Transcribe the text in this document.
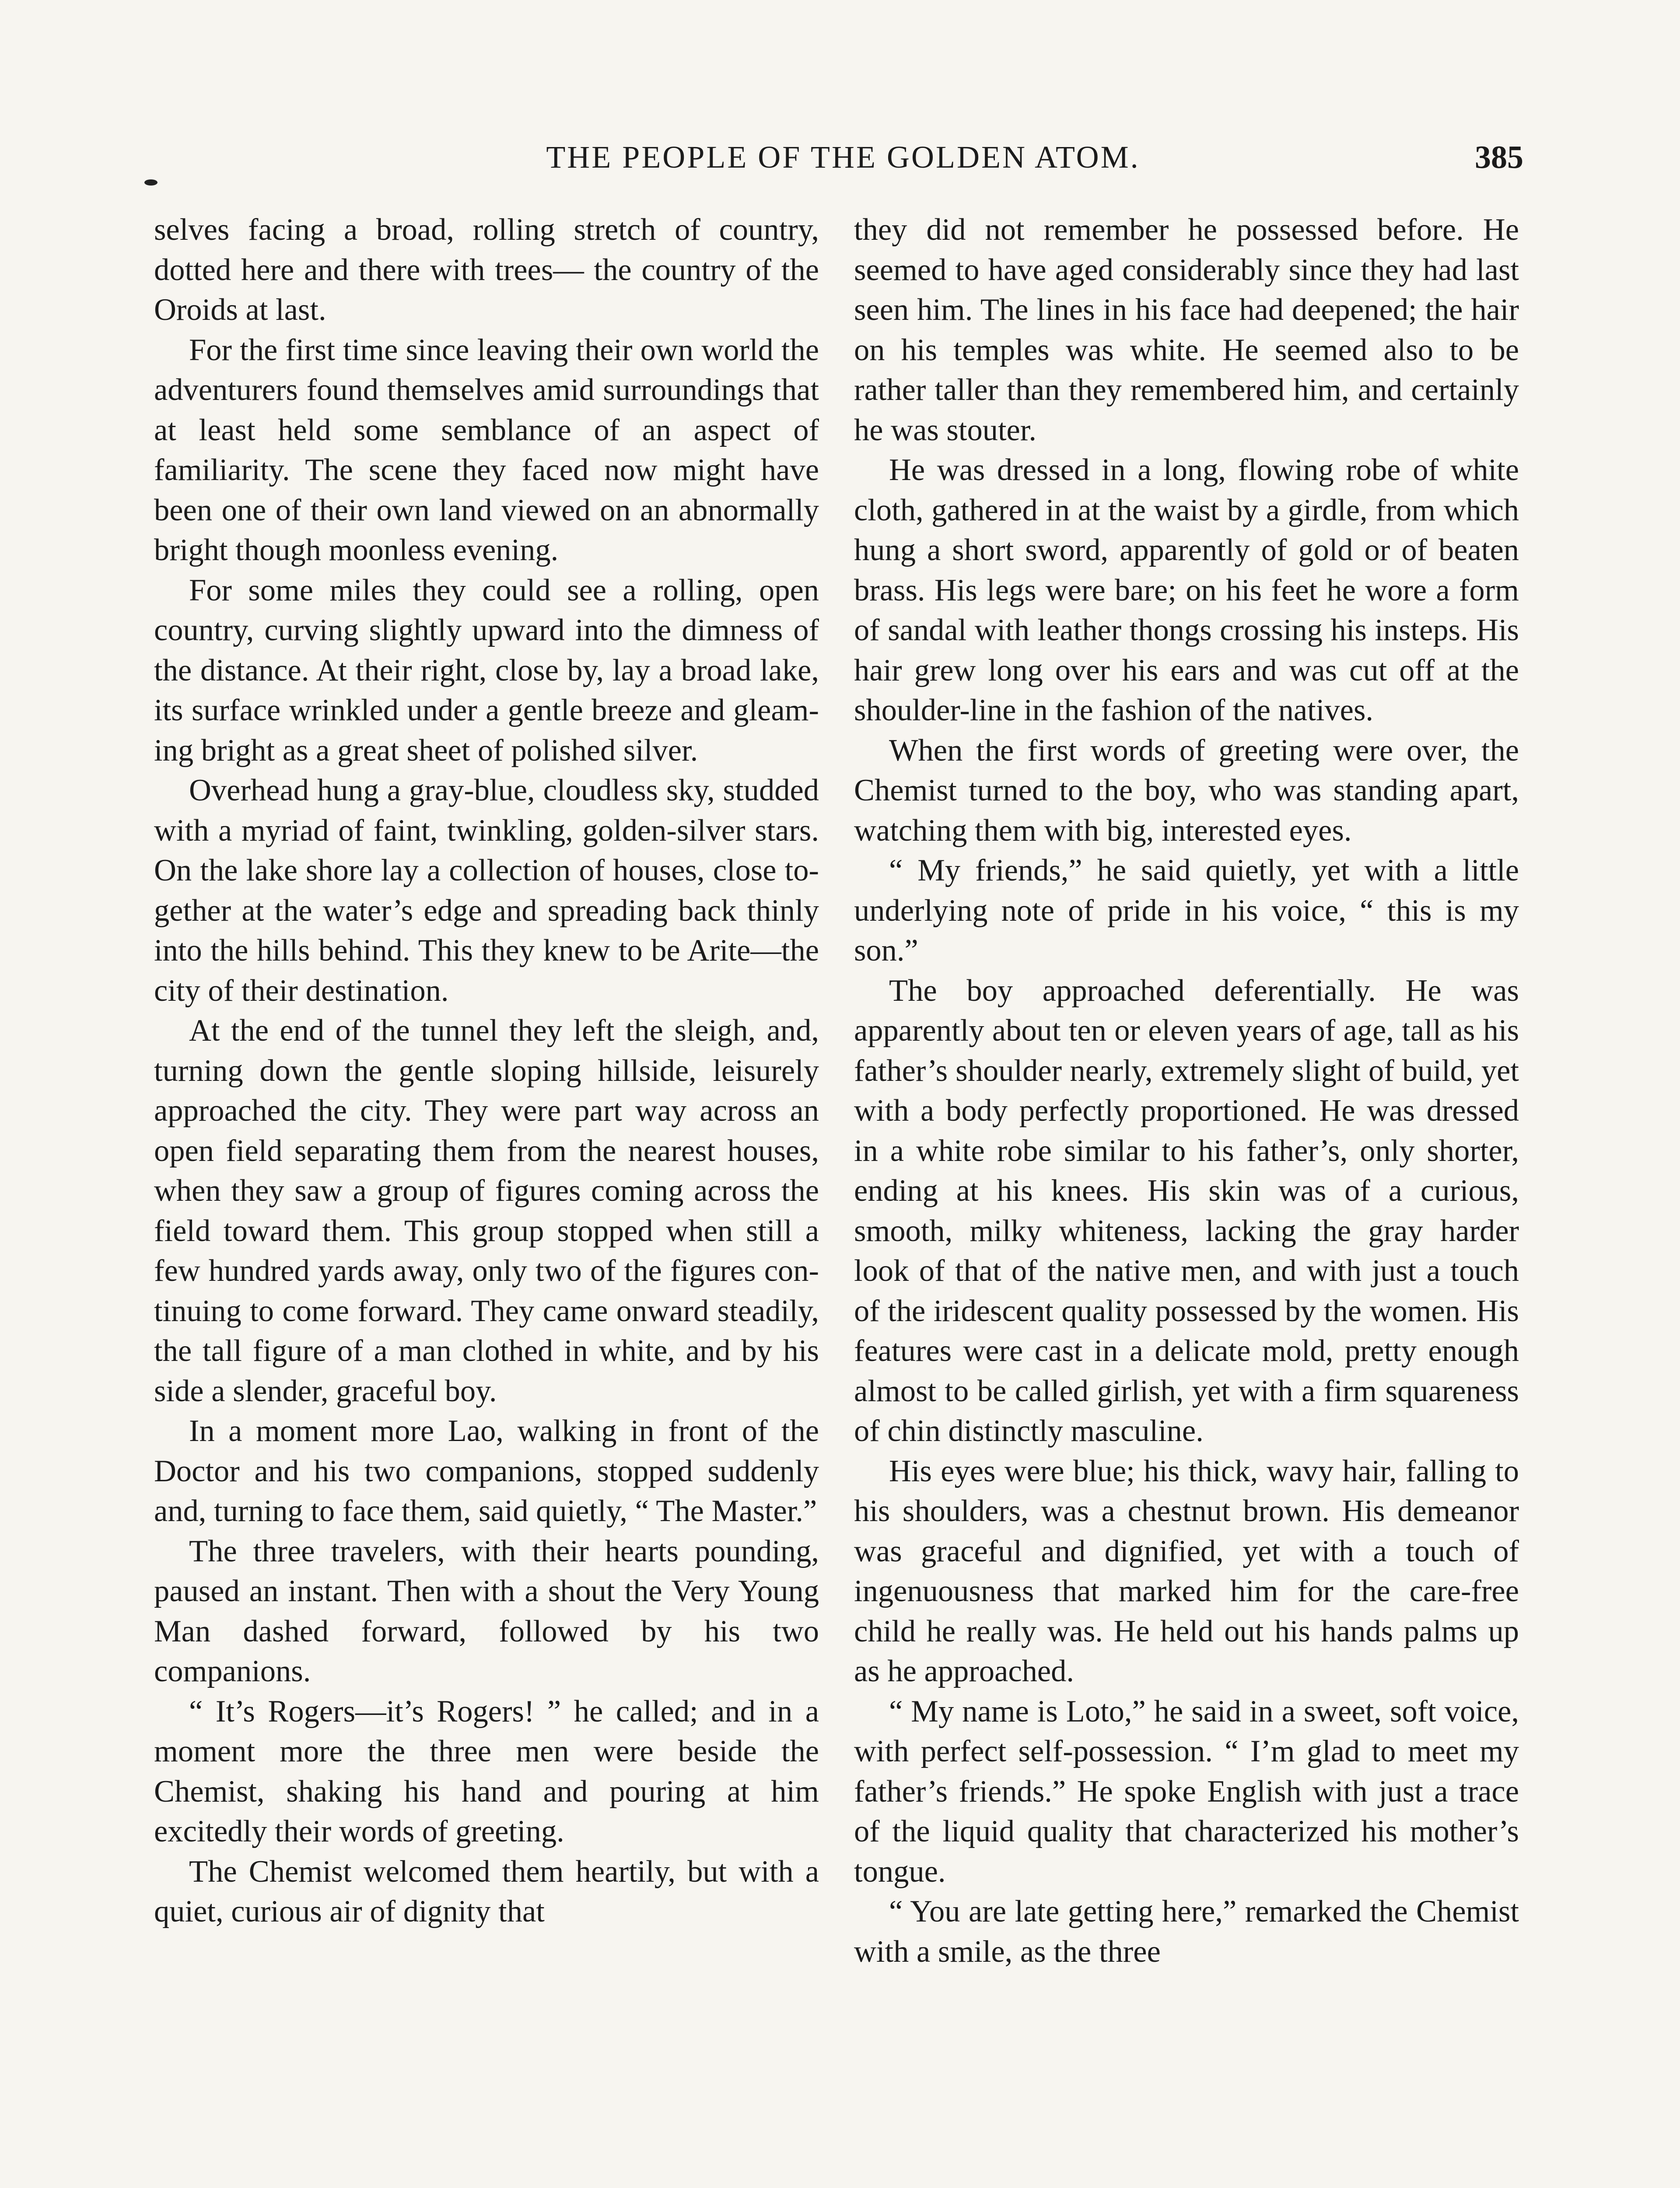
THE PEOPLE OF THE GOLDEN ATOM.	385

selves facing a broad, rolling stretch of country, dotted here and there with trees— the country of the Oroids at last.

For the first time since leaving their own world the adventurers found themselves amid surroundings that at least held some semblance of an aspect of familiarity. The scene they faced now might have been one of their own land viewed on an abnormally bright though moonless evening.

For some miles they could see a rolling, open country, curving slightly upward into the dimness of the distance. At their right, close by, lay a broad lake, its surface wrinkled under a gentle breeze and gleaming bright as a great sheet of polished silver.

Overhead hung a gray-blue, cloudless sky, studded with a myriad of faint, twinkling, golden-silver stars. On the lake shore lay a collection of houses, close together at the water’s edge and spreading back thinly into the hills behind. This they knew to be Arite—the city of their destination.

At the end of the tunnel they left the sleigh, and, turning down the gentle sloping hillside, leisurely approached the city. They were part way across an open field separating them from the nearest houses, when they saw a group of figures coming across the field toward them. This group stopped when still a few hundred yards away, only two of the figures continuing to come forward. They came onward steadily, the tall figure of a man clothed in white, and by his side a slender, graceful boy.

In a moment more Lao, walking in front of the Doctor and his two companions, stopped suddenly and, turning to face them, said quietly, “ The Master.”

The three travelers, with their hearts pounding, paused an instant. Then with a shout the Very Young Man dashed forward, followed by his two companions.

“ It’s Rogers—it’s Rogers! ” he called; and in a moment more the three men were beside the Chemist, shaking his hand and pouring at him excitedly their words of greeting.

The Chemist welcomed them heartily, but with a quiet, curious air of dignity that

they did not remember he possessed before. He seemed to have aged considerably since they had last seen him. The lines in his face had deepened; the hair on his temples was white. He seemed also to be rather taller than they remembered him, and certainly he was stouter.

He was dressed in a long, flowing robe of white cloth, gathered in at the waist by a girdle, from which hung a short sword, apparently of gold or of beaten brass. His legs were bare; on his feet he wore a form of sandal with leather thongs crossing his insteps. His hair grew long over his ears and was cut off at the shoulder-line in the fashion of the natives.

When the first words of greeting were over, the Chemist turned to the boy, who was standing apart, watching them with big, interested eyes.

“ My friends,” he said quietly, yet with a little underlying note of pride in his voice, “ this is my son.”

The boy approached deferentially. He was apparently about ten or eleven years of age, tall as his father’s shoulder nearly, extremely slight of build, yet with a body perfectly proportioned. He was dressed in a white robe similar to his father’s, only shorter, ending at his knees. His skin was of a curious, smooth, milky whiteness, lacking the gray harder look of that of the native men, and with just a touch of the iridescent quality possessed by the women. His features were cast in a delicate mold, pretty enough almost to be called girlish, yet with a firm squareness of chin distinctly masculine.

His eyes were blue; his thick, wavy hair, falling to his shoulders, was a chestnut brown. His demeanor was graceful and dignified, yet with a touch of ingenuousness that marked him for the care-free child he really was. He held out his hands palms up as he approached.

“ My name is Loto,” he said in a sweet, soft voice, with perfect self-possession. “ I’m glad to meet my father’s friends.” He spoke English with just a trace of the liquid quality that characterized his mother’s tongue.

“ You are late getting here,” remarked the Chemist with a smile, as the three
